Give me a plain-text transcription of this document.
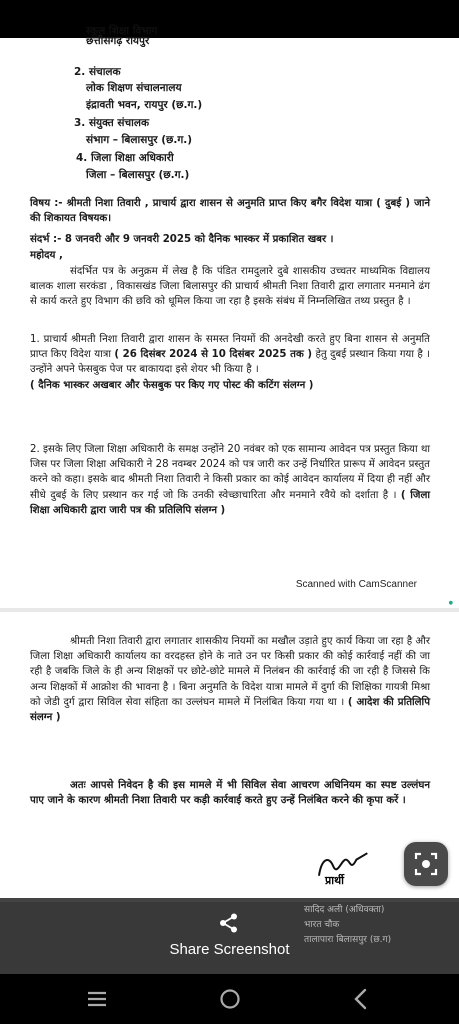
स्कूल शिक्षा विभाग
छत्तीसगढ़ रायपुर
2. संचालक
लोक शिक्षण संचालनालय
इंद्रावती भवन, रायपुर (छ.ग.)
3. संयुक्त संचालक
संभाग – बिलासपुर (छ.ग.)
4. जिला शिक्षा अधिकारी
जिला – बिलासपुर (छ.ग.)
विषय :- श्रीमती निशा तिवारी , प्राचार्य द्वारा शासन से अनुमति प्राप्त किए बगैर विदेश यात्रा ( दुबई ) जाने की शिकायत विषयक।
संदर्भ :- 8 जनवरी और 9 जनवरी 2025 को दैनिक भास्कर में प्रकाशित खबर ।
महोदय ,
संदर्भित पत्र के अनुक्रम में लेख है कि पंडित रामदुलारे दुबे शासकीय उच्चतर माध्यमिक विद्यालय बालक शाला सरकंडा , विकासखंड जिला बिलासपुर की प्राचार्य श्रीमती निशा तिवारी द्वारा लगातार मनमाने ढंग से कार्य करते हुए विभाग की छवि को धूमिल किया जा रहा है इसके संबंध में निम्नलिखित तथ्य प्रस्तुत है ।
1. प्राचार्य श्रीमती निशा तिवारी द्वारा शासन के समस्त नियमों की अनदेखी करते हुए बिना शासन से अनुमति प्राप्त किए विदेश यात्रा ( 26 दिसंबर 2024 से 10 दिसंबर 2025 तक ) हेतु दुबई प्रस्थान किया गया है । उन्होंने अपने फेसबुक पेज पर बाकायदा इसे शेयर भी किया है ।
( दैनिक भास्कर अखबार और फेसबुक पर किए गए पोस्ट की कटिंग संलग्न )
2. इसके लिए जिला शिक्षा अधिकारी के समक्ष उन्होंने 20 नवंबर को एक सामान्य आवेदन पत्र प्रस्तुत किया था जिस पर जिला शिक्षा अधिकारी ने 28 नवम्बर 2024 को पत्र जारी कर उन्हें निर्धारित प्रारूप में आवेदन प्रस्तुत करने को कहा। इसके बाद श्रीमती निशा तिवारी ने किसी प्रकार का कोई आवेदन कार्यालय में दिया ही नहीं और सीधे दुबई के लिए प्रस्थान कर गई जो कि उनकी स्वेच्छाचारिता और मनमाने रवैये को दर्शाता है । ( जिला शिक्षा अधिकारी द्वारा जारी पत्र की प्रतिलिपि संलग्न )
Scanned with CamScanner
●
श्रीमती निशा तिवारी द्वारा लगातार शासकीय नियमों का मखौल उड़ाते हुए कार्य किया जा रहा है और जिला शिक्षा अधिकारी कार्यालय का वरदहस्त होने के नाते उन पर किसी प्रकार की कोई कार्रवाई नहीं की जा रही है जबकि जिले के ही अन्य शिक्षकों पर छोटे-छोटे मामले में निलंबन की कार्रवाई की जा रही है जिससे कि अन्य शिक्षकों में आक्रोश की भावना है । बिना अनुमति के विदेश यात्रा मामले में दुर्गा की शिक्षिका गायत्री मिश्रा को जेडी दुर्ग द्वारा सिविल सेवा संहिता का उल्लंघन मामले में निलंबित किया गया था । ( आदेश की प्रतिलिपि संलग्न )
अतः आपसे निवेदन है की इस मामले में भी सिविल सेवा आचरण अधिनियम का स्पष्ट उल्लंघन पाए जाने के कारण श्रीमती निशा तिवारी पर कड़ी कार्रवाई करते हुए उन्हें निलंबित करने की कृपा करें ।
प्रार्थी
सादिद अली (अधिवक्ता)
भारत चौक
तालापारा बिलासपुर (छ.ग)
Share Screenshot
